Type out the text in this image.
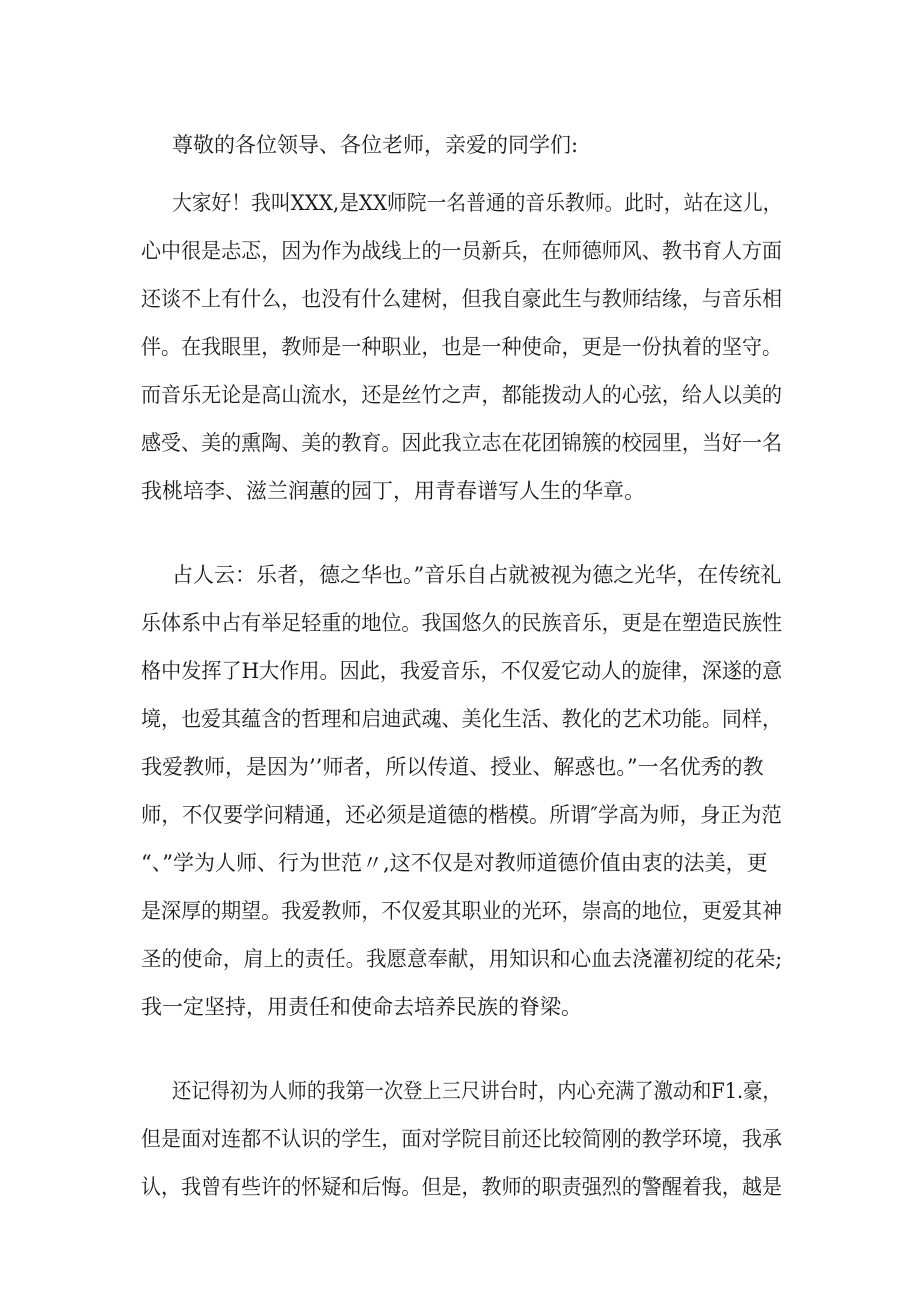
尊敬的各位领导、各位老师，亲爱的同学们:
大家好！我叫XXX,是XX师院一名普通的音乐教师。此时，站在这儿，
心中很是忐忑，因为作为战线上的一员新兵，在师德师风、教书育人方面
还谈不上有什么，也没有什么建树，但我自豪此生与教师结缘，与音乐相
伴。在我眼里，教师是一种职业，也是一种使命，更是一份执着的坚守。
而音乐无论是高山流水，还是丝竹之声，都能拨动人的心弦，给人以美的
感受、美的熏陶、美的教育。因此我立志在花团锦簇的校园里，当好一名
我桃培李、滋兰润蕙的园丁，用青春谱写人生的华章。
占人云：乐者，德之华也。”音乐自占就被视为德之光华，在传统礼
乐体系中占有举足轻重的地位。我国悠久的民族音乐，更是在塑造民族性
格中发挥了H大作用。因此，我爱音乐，不仅爱它动人的旋律，深遂的意
境，也爱其蕴含的哲理和启迪武魂、美化生活、教化的艺术功能。同样，
我爱教师，是因为’’师者，所以传道、授业、解惑也。”一名优秀的教
师，不仅要学问精通，还必须是道德的楷模。所谓″学高为师，身正为范
“、”学为人师、行为世范〃,这不仅是对教师道德价值由衷的法美，更
是深厚的期望。我爱教师，不仅爱其职业的光环，崇高的地位，更爱其神
圣的使命，肩上的责任。我愿意奉献，用知识和心血去浇灌初绽的花朵;
我一定坚持，用责任和使命去培养民族的脊梁。
还记得初为人师的我第一次登上三尺讲台时，内心充满了激动和F1.豪，
但是面对连都不认识的学生，面对学院目前还比较简刚的教学环境，我承
认，我曾有些许的怀疑和后悔。但是，教师的职责强烈的警醒着我，越是
